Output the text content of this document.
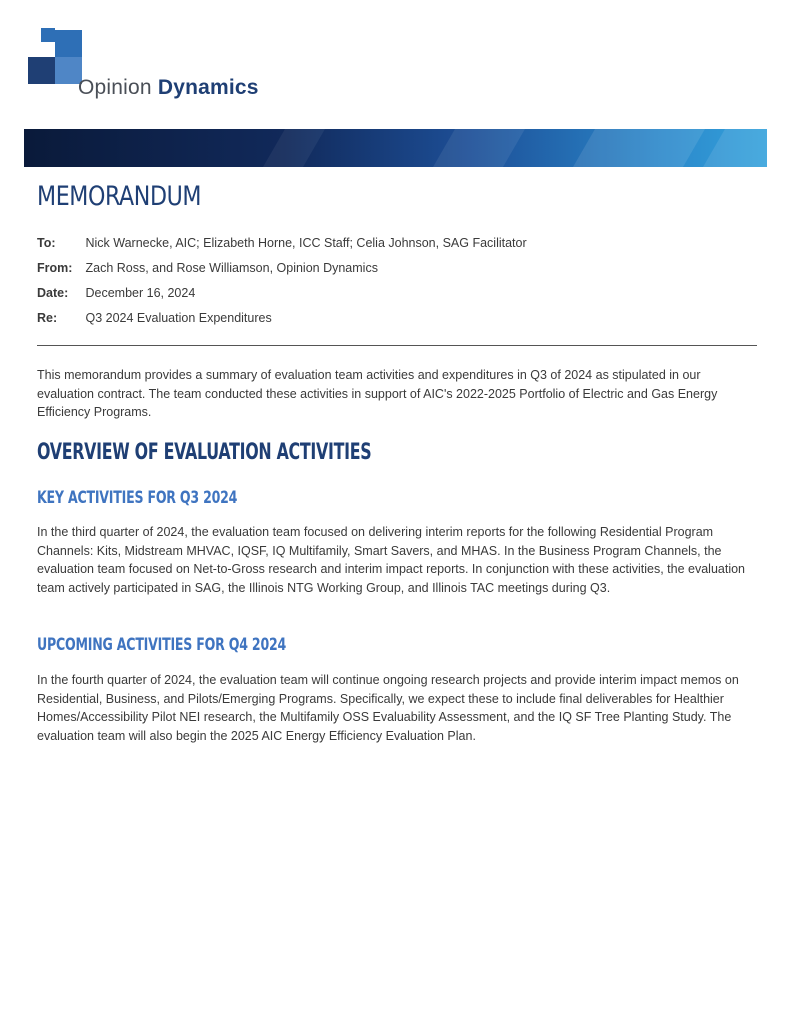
Opinion Dynamics
MEMORANDUM
To: Nick Warnecke, AIC; Elizabeth Horne, ICC Staff; Celia Johnson, SAG Facilitator
From: Zach Ross, and Rose Williamson, Opinion Dynamics
Date: December 16, 2024
Re: Q3 2024 Evaluation Expenditures

This memorandum provides a summary of evaluation team activities and expenditures in Q3 of 2024 as stipulated in our evaluation contract. The team conducted these activities in support of AIC's 2022-2025 Portfolio of Electric and Gas Energy Efficiency Programs.

OVERVIEW OF EVALUATION ACTIVITIES
KEY ACTIVITIES FOR Q3 2024

In the third quarter of 2024, the evaluation team focused on delivering interim reports for the following Residential Program Channels: Kits, Midstream MHVAC, IQSF, IQ Multifamily, Smart Savers, and MHAS. In the Business Program Channels, the evaluation team focused on Net-to-Gross research and interim impact reports. In conjunction with these activities, the evaluation team actively participated in SAG, the Illinois NTG Working Group, and Illinois TAC meetings during Q3.

UPCOMING ACTIVITIES FOR Q4 2024

In the fourth quarter of 2024, the evaluation team will continue ongoing research projects and provide interim impact memos on Residential, Business, and Pilots/Emerging Programs. Specifically, we expect these to include final deliverables for Healthier Homes/Accessibility Pilot NEI research, the Multifamily OSS Evaluability Assessment, and the IQ SF Tree Planting Study. The evaluation team will also begin the 2025 AIC Energy Efficiency Evaluation Plan.
